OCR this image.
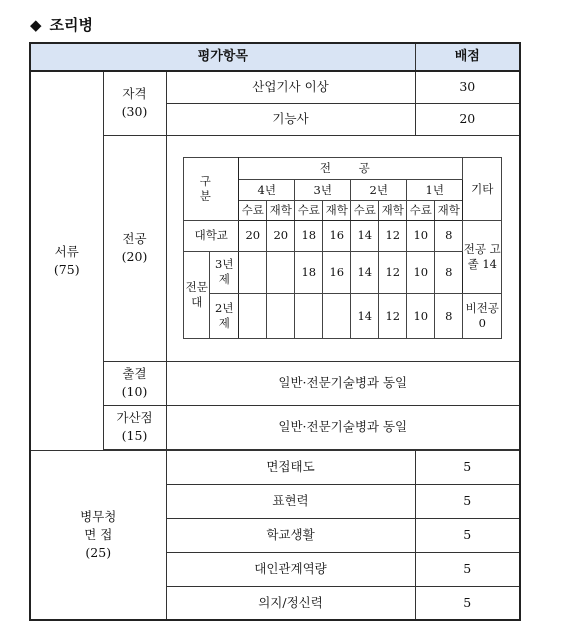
◆ 조리병
평가항목	배점

서류
(75)

자격
(30)
	산업기사 이상	30
기능사	20

전공
(20)

구 분	전 공	기타
4년	3년	2년	1년
수료	재학	수료	재학	수료	재학	수료	재학
대학교	20	20	18	16	14	12	10	8	전공 고졸 14
전문대	3년제			18	16	14	12	10	8
2년제					14	12	10	8	비전공 0

출결
(10)
	일반·전문기술병과 동일

가산점
(15)
	일반·전문기술병과 동일

병무청
면 접
(25)
	면접태도	5
표현력	5
학교생활	5
대인관계역량	5
의지/정신력	5
